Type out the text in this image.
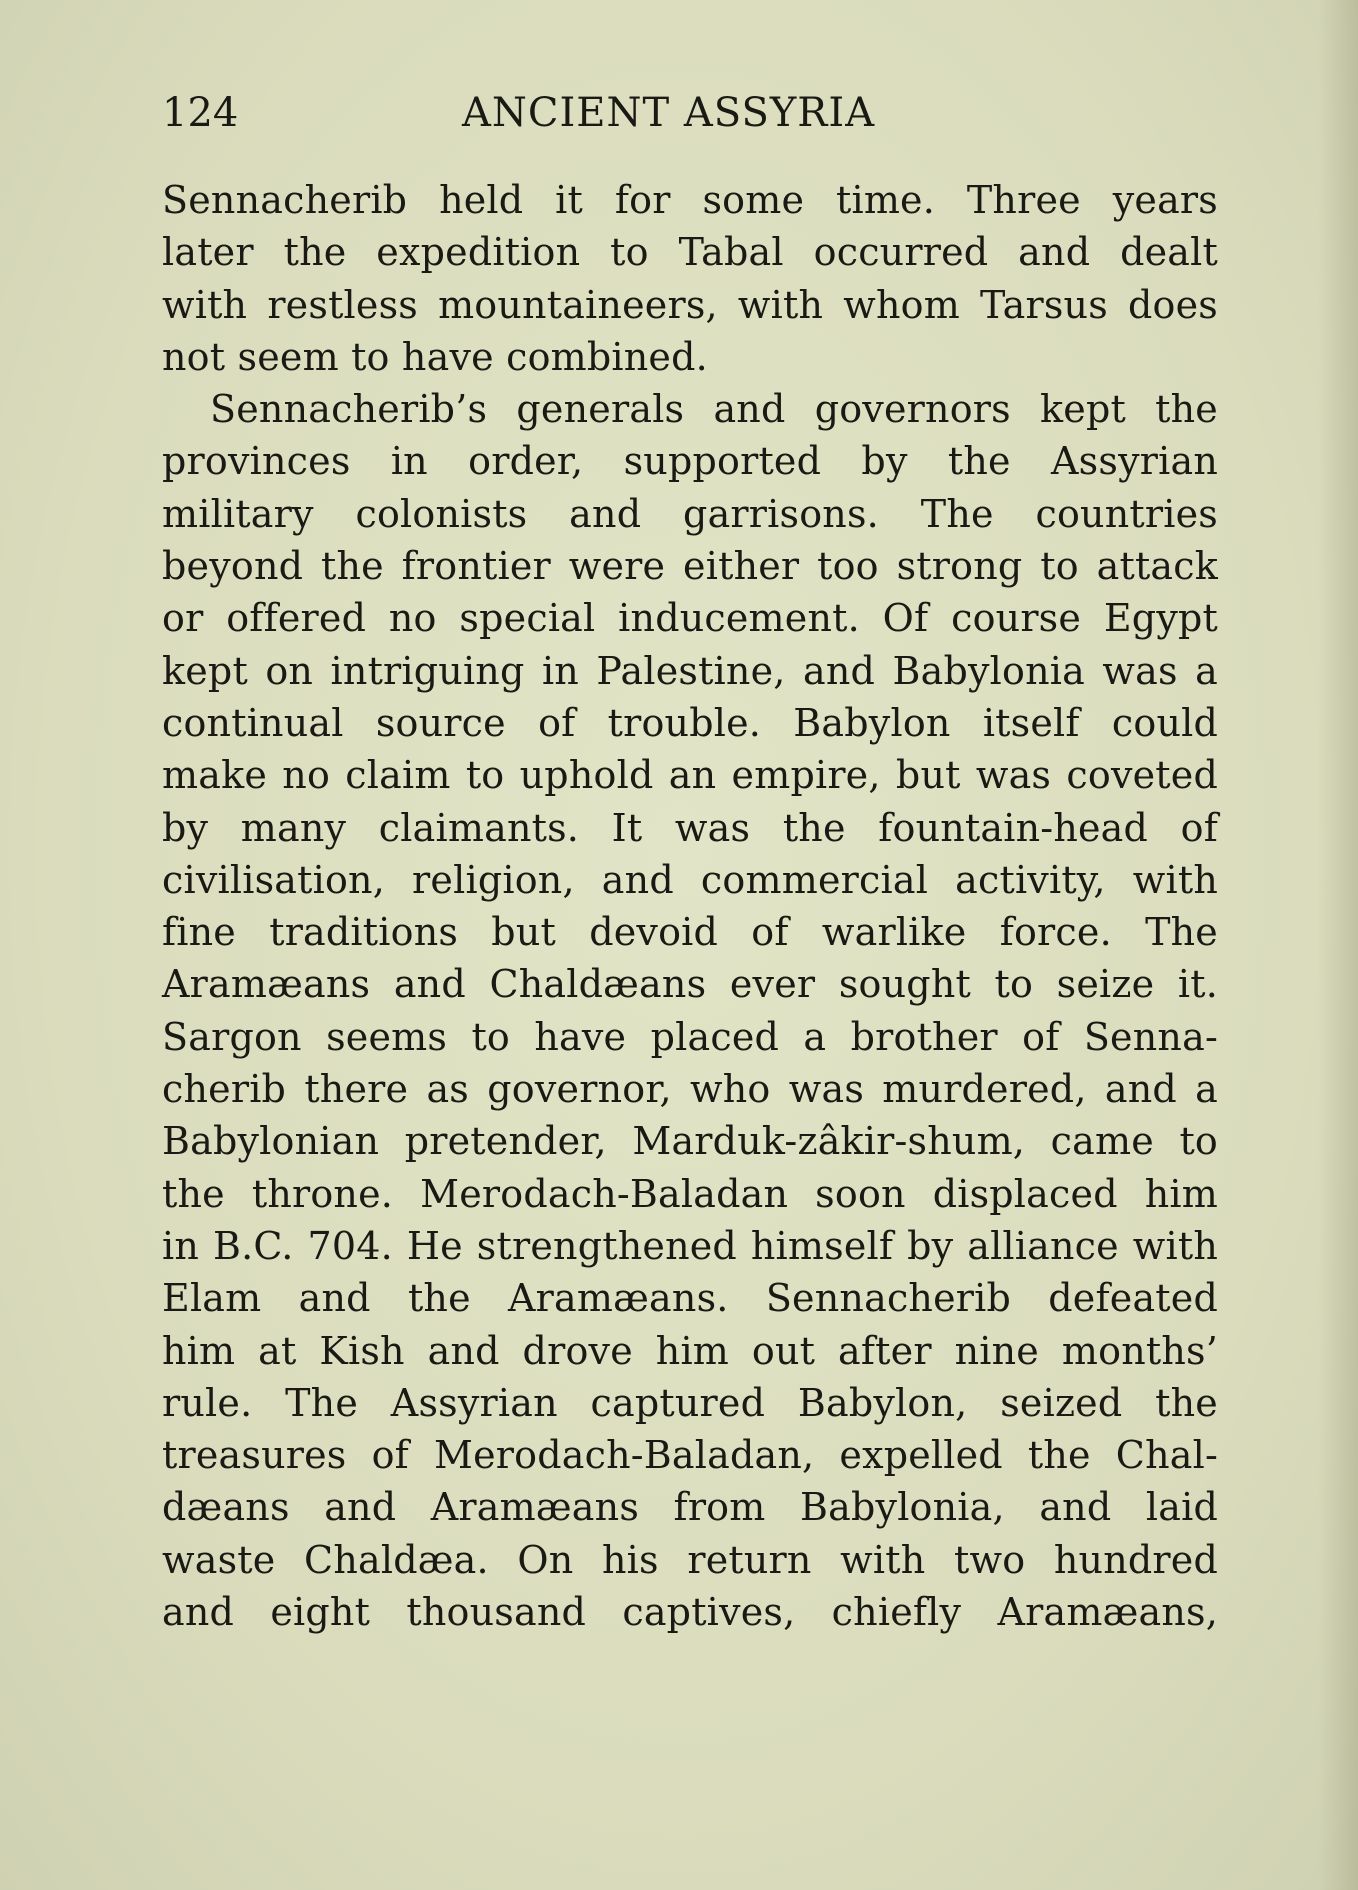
124	ANCIENT ASSYRIA
Sennacherib held it for some time. Three years
later the expedition to Tabal occurred and dealt
with restless mountaineers, with whom Tarsus does
not seem to have combined.
Sennacherib’s generals and governors kept the
provinces in order, supported by the Assyrian
military colonists and garrisons. The countries
beyond the frontier were either too strong to attack
or offered no special inducement. Of course Egypt
kept on intriguing in Palestine, and Babylonia was a
continual source of trouble. Babylon itself could
make no claim to uphold an empire, but was coveted
by many claimants. It was the fountain-head of
civilisation, religion, and commercial activity, with
fine traditions but devoid of warlike force. The
Aramæans and Chaldæans ever sought to seize it.
Sargon seems to have placed a brother of Senna-
cherib there as governor, who was murdered, and a
Babylonian pretender, Marduk-zâkir-shum, came to
the throne. Merodach-Baladan soon displaced him
in B.C. 704. He strengthened himself by alliance with
Elam and the Aramæans. Sennacherib defeated
him at Kish and drove him out after nine months’
rule. The Assyrian captured Babylon, seized the
treasures of Merodach-Baladan, expelled the Chal-
dæans and Aramæans from Babylonia, and laid
waste Chaldæa. On his return with two hundred
and eight thousand captives, chiefly Aramæans,
